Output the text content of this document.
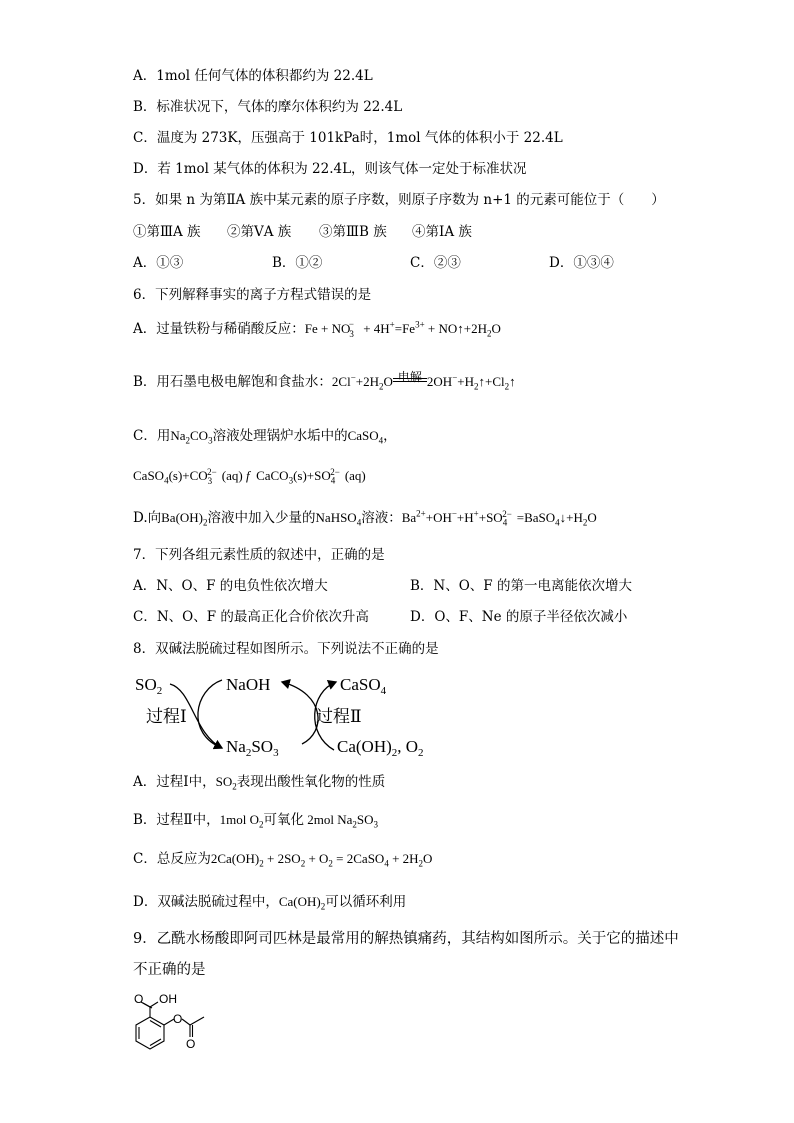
A．1mol 任何气体的体积都约为 22.4L
B．标准状况下，气体的摩尔体积约为 22.4L
C．温度为 273K，压强高于 101kPa时，1mol 气体的体积小于 22.4L
D．若 1mol 某气体的体积为 22.4L，则该气体一定处于标准状况
5．如果 n 为第ⅡA 族中某元素的原子序数，则原子序数为 n+1 的元素可能位于（　　）
①第ⅢA 族 ②第ⅤA 族 ③第ⅢB 族 ④第ⅠA 族
A．①③	B．①②	C．②③	D．①③④
6．下列解释事实的离子方程式错误的是
A．过量铁粉与稀硝酸反应：$Fe + NO_3^- + 4H^+=Fe^{3+}$ + $NO↑+2H_2O$
B．用石墨电极电解饱和食盐水：$2Cl^-+2H_2O$ 电解 $2OH^-+H_2↑+Cl_2↑$
C．用$Na_2CO_3$溶液处理锅炉水垢中的CaSO$_4$，
$CaSO_4(s)+CO_3^{2-}$ (aq) f  $CaCO_3(s)+SO_4^{2-}$ (aq)
D.向$Ba(OH)_2$溶液中加入少量的NaHSO$_4$溶液：$Ba^{2+}+OH^-+H^++SO_4^{2-}$ $=BaSO_4↓+H_2O$
7．下列各组元素性质的叙述中，正确的是
A．N、O、F 的电负性依次增大	B．N、O、F 的第一电离能依次增大
C．N、O、F 的最高正化合价依次升高	D．O、F、Ne 的原子半径依次减小
8．双碱法脱硫过程如图所示。下列说法不正确的是
$SO_2$	NaOH	CaSO$_4$
过程Ⅰ	过程Ⅱ
$Na_2SO_3$	$Ca(OH)_2$, $O_2$
A．过程Ⅰ中，$SO_2$表现出酸性氧化物的性质
B．过程Ⅱ中，1mol $O_2$可氧化 2mol $Na_2SO_3$
C．总反应为$2Ca(OH)_2 + 2SO_2 + O_2$ = 2CaSO$_4$ + $2H_2O$
D．双碱法脱硫过程中，$Ca(OH)_2$可以循环利用
9．乙酰水杨酸即阿司匹林是最常用的解热镇痛药，其结构如图所示。关于它的描述中
不正确的是
O OH
O
O
